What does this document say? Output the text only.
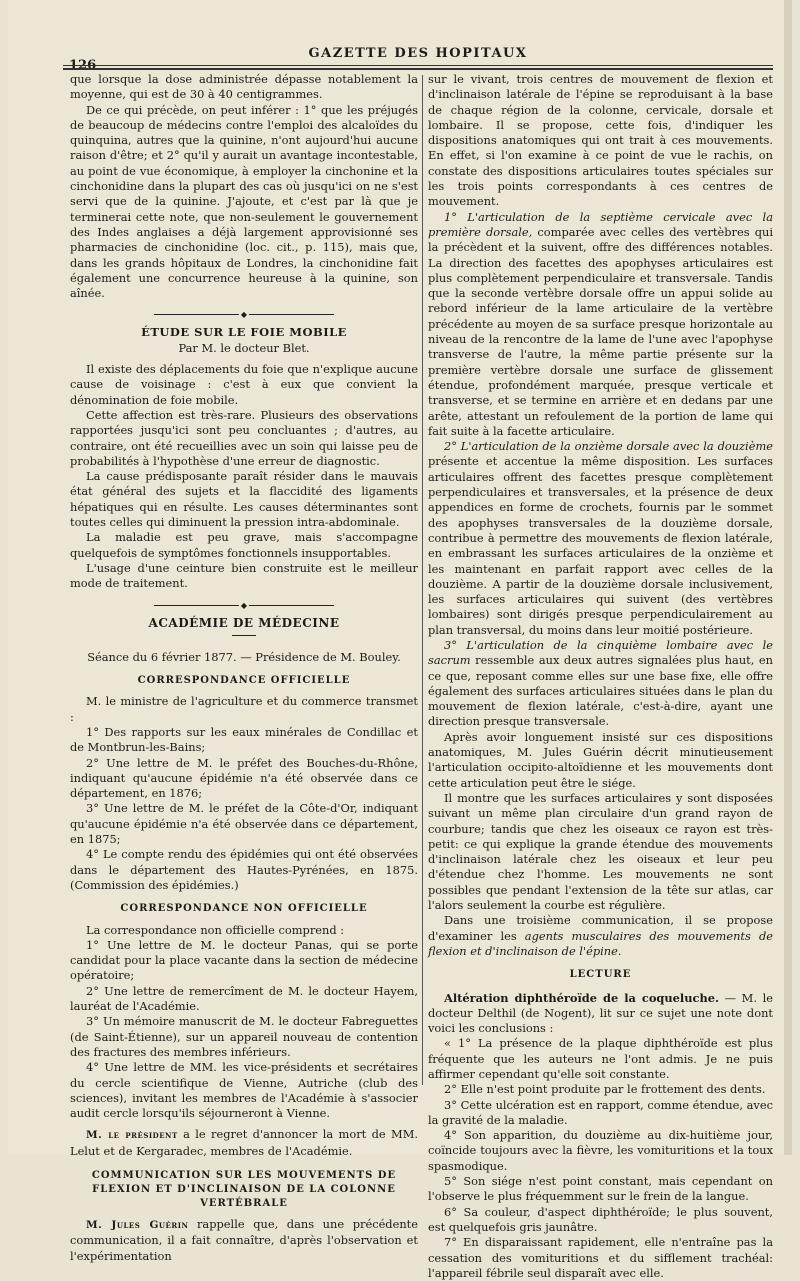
126
GAZETTE DES HOPITAUX

que lorsque la dose administrée dépasse notablement la moyenne, qui est de 30 à 40 centigrammes.

De ce qui précède, on peut inférer : 1° que les préjugés de beaucoup de médecins contre l'emploi des alcaloïdes du quinquina, autres que la quinine, n'ont aujourd'hui aucune raison d'être; et 2° qu'il y aurait un avantage incontestable, au point de vue économique, à employer la cinchonine et la cinchonidine dans la plupart des cas où jusqu'ici on ne s'est servi que de la quinine. J'ajoute, et c'est par là que je terminerai cette note, que non-seulement le gouvernement des Indes anglaises a déjà largement approvisionné ses pharmacies de cinchonidine (loc. cit., p. 115), mais que, dans les grands hôpitaux de Londres, la cinchonidine fait également une concurrence heureuse à la quinine, son aînée.

◆

ÉTUDE SUR LE FOIE MOBILE

Par M. le docteur Blet.

Il existe des déplacements du foie que n'explique aucune cause de voisinage : c'est à eux que convient la dénomination de foie mobile.

Cette affection est très-rare. Plusieurs des observations rapportées jusqu'ici sont peu concluantes ; d'autres, au contraire, ont été recueillies avec un soin qui laisse peu de probabilités à l'hypothèse d'une erreur de diagnostic.

La cause prédisposante paraît résider dans le mauvais état général des sujets et la flaccidité des ligaments hépatiques qui en résulte. Les causes déterminantes sont toutes celles qui diminuent la pression intra-abdominale.

La maladie est peu grave, mais s'accompagne quelquefois de symptômes fonctionnels insupportables.

L'usage d'une ceinture bien construite est le meilleur mode de traitement.

◆

ACADÉMIE DE MÉDECINE

Séance du 6 février 1877. — Présidence de M. Bouley.

CORRESPONDANCE OFFICIELLE

M. le ministre de l'agriculture et du commerce transmet :

1° Des rapports sur les eaux minérales de Condillac et de Montbrun-les-Bains;

2° Une lettre de M. le préfet des Bouches-du-Rhône, indiquant qu'aucune épidémie n'a été observée dans ce département, en 1876;

3° Une lettre de M. le préfet de la Côte-d'Or, indiquant qu'aucune épidémie n'a été observée dans ce département, en 1875;

4° Le compte rendu des épidémies qui ont été observées dans le département des Hautes-Pyrénées, en 1875. (Commission des épidémies.)

CORRESPONDANCE NON OFFICIELLE

La correspondance non officielle comprend :

1° Une lettre de M. le docteur Panas, qui se porte candidat pour la place vacante dans la section de médecine opératoire;

2° Une lettre de remercîment de M. le docteur Hayem, lauréat de l'Académie.

3° Un mémoire manuscrit de M. le docteur Fabreguettes (de Saint-Étienne), sur un appareil nouveau de contention des fractures des membres inférieurs.

4° Une lettre de MM. les vice-présidents et secrétaires du cercle scientifique de Vienne, Autriche (club des sciences), invitant les membres de l'Académie à s'associer audit cercle lorsqu'ils séjourneront à Vienne.

M. le président a le regret d'annoncer la mort de MM. Lelut et de Kergaradec, membres de l'Académie.

COMMUNICATION SUR LES MOUVEMENTS DE FLEXION ET D'INCLINAISON DE LA COLONNE VERTÉBRALE

M. Jules Guérin rappelle que, dans une précédente communication, il a fait connaître, d'après l'observation et l'expérimentation

sur le vivant, trois centres de mouvement de flexion et d'inclinaison latérale de l'épine se reproduisant à la base de chaque région de la colonne, cervicale, dorsale et lombaire. Il se propose, cette fois, d'indiquer les dispositions anatomiques qui ont trait à ces mouvements. En effet, si l'on examine à ce point de vue le rachis, on constate des dispositions articulaires toutes spéciales sur les trois points correspondants à ces centres de mouvement.

1° L'articulation de la septième cervicale avec la première dorsale, comparée avec celles des vertèbres qui la précèdent et la suivent, offre des différences notables. La direction des facettes des apophyses articulaires est plus complètement perpendiculaire et transversale. Tandis que la seconde vertèbre dorsale offre un appui solide au rebord inférieur de la lame articulaire de la vertèbre précédente au moyen de sa surface presque horizontale au niveau de la rencontre de la lame de l'une avec l'apophyse transverse de l'autre, la même partie présente sur la première vertèbre dorsale une surface de glissement étendue, profondément marquée, presque verticale et transverse, et se termine en arrière et en dedans par une arête, attestant un refoulement de la portion de lame qui fait suite à la facette articulaire.

2° L'articulation de la onzième dorsale avec la douzième présente et accentue la même disposition. Les surfaces articulaires offrent des facettes presque complètement perpendiculaires et transversales, et la présence de deux appendices en forme de crochets, fournis par le sommet des apophyses transversales de la douzième dorsale, contribue à permettre des mouvements de flexion latérale, en embrassant les surfaces articulaires de la onzième et les maintenant en parfait rapport avec celles de la douzième. A partir de la douzième dorsale inclusivement, les surfaces articulaires qui suivent (des vertèbres lombaires) sont dirigés presque perpendiculairement au plan transversal, du moins dans leur moitié postérieure.

3° L'articulation de la cinquième lombaire avec le sacrum ressemble aux deux autres signalées plus haut, en ce que, reposant comme elles sur une base fixe, elle offre également des surfaces articulaires situées dans le plan du mouvement de flexion latérale, c'est-à-dire, ayant une direction presque transversale.

Après avoir longuement insisté sur ces dispositions anatomiques, M. Jules Guérin décrit minutieusement l'articulation occipito-altoïdienne et les mouvements dont cette articulation peut être le siége.

Il montre que les surfaces articulaires y sont disposées suivant un même plan circulaire d'un grand rayon de courbure; tandis que chez les oiseaux ce rayon est très-petit: ce qui explique la grande étendue des mouvements d'inclinaison latérale chez les oiseaux et leur peu d'étendue chez l'homme. Les mouvements ne sont possibles que pendant l'extension de la tête sur atlas, car l'alors seulement la courbe est régulière.

Dans une troisième communication, il se propose d'examiner les agents musculaires des mouvements de flexion et d'inclinaison de l'épine.

LECTURE

Altération diphthéroïde de la coqueluche. — M. le docteur Delthil (de Nogent), lit sur ce sujet une note dont voici les conclusions :

« 1° La présence de la plaque diphthéroïde est plus fréquente que les auteurs ne l'ont admis. Je ne puis affirmer cependant qu'elle soit constante.

2° Elle n'est point produite par le frottement des dents.

3° Cette ulcération est en rapport, comme étendue, avec la gravité de la maladie.

4° Son apparition, du douzième au dix-huitième jour, coïncide toujours avec la fièvre, les vomituritions et la toux spasmodique.

5° Son siége n'est point constant, mais cependant on l'observe le plus fréquemment sur le frein de la langue.

6° Sa couleur, d'aspect diphthéroïde; le plus souvent, est quelquefois gris jaunâtre.

7° En disparaissant rapidement, elle n'entraîne pas la cessation des vomituritions et du sifflement trachéal: l'appareil fébrile seul disparaît avec elle.
